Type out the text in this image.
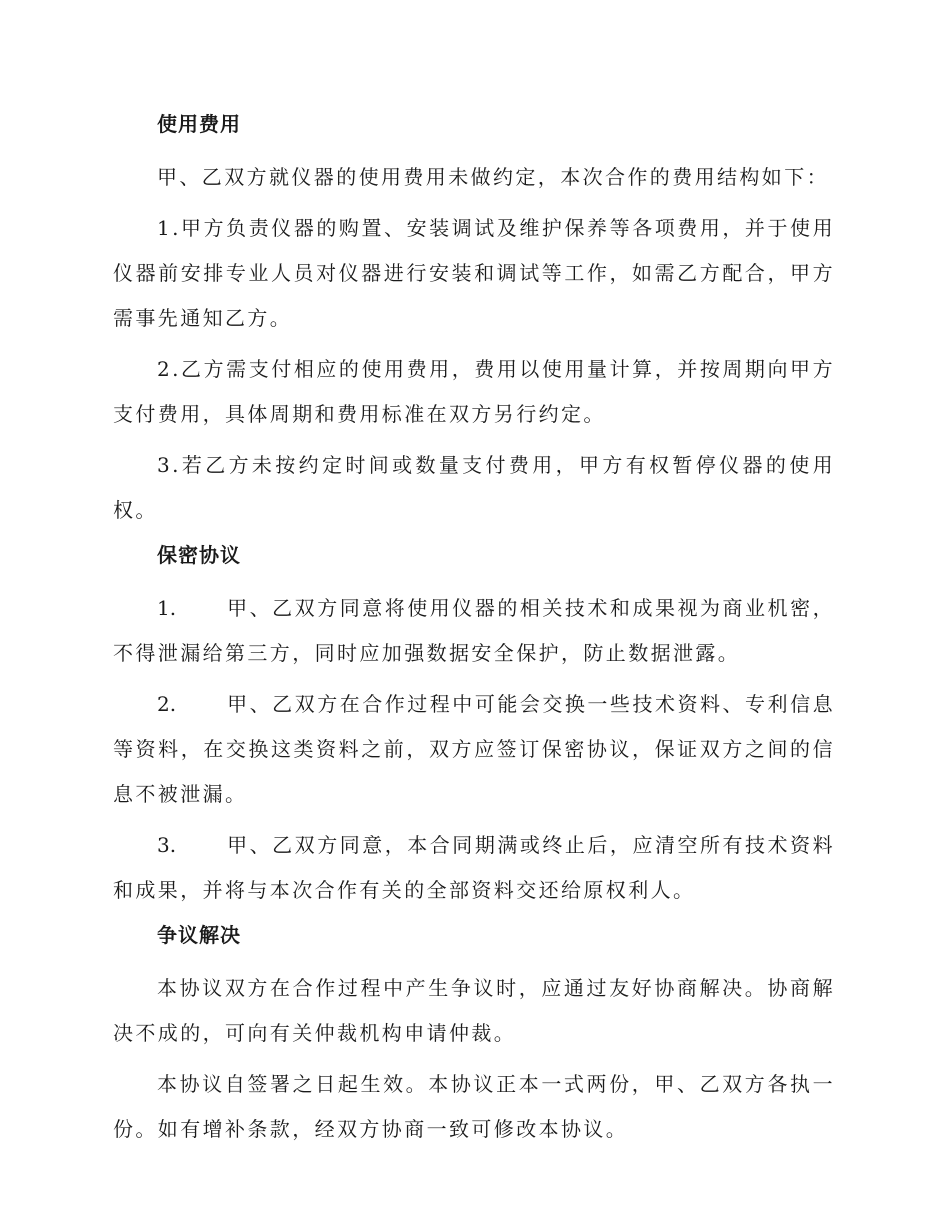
使用费用

甲、乙双方就仪器的使用费用未做约定，本次合作的费用结构如下：

1.甲方负责仪器的购置、安装调试及维护保养等各项费用，并于使用仪器前安排专业人员对仪器进行安装和调试等工作，如需乙方配合，甲方需事先通知乙方。

2.乙方需支付相应的使用费用，费用以使用量计算，并按周期向甲方支付费用，具体周期和费用标准在双方另行约定。

3.若乙方未按约定时间或数量支付费用，甲方有权暂停仪器的使用权。

保密协议

1.	甲、乙双方同意将使用仪器的相关技术和成果视为商业机密，不得泄漏给第三方，同时应加强数据安全保护，防止数据泄露。

2.	甲、乙双方在合作过程中可能会交换一些技术资料、专利信息等资料，在交换这类资料之前，双方应签订保密协议，保证双方之间的信息不被泄漏。

3.	甲、乙双方同意，本合同期满或终止后，应清空所有技术资料和成果，并将与本次合作有关的全部资料交还给原权利人。

争议解决

本协议双方在合作过程中产生争议时，应通过友好协商解决。协商解决不成的，可向有关仲裁机构申请仲裁。

本协议自签署之日起生效。本协议正本一式两份，甲、乙双方各执一份。如有增补条款，经双方协商一致可修改本协议。
